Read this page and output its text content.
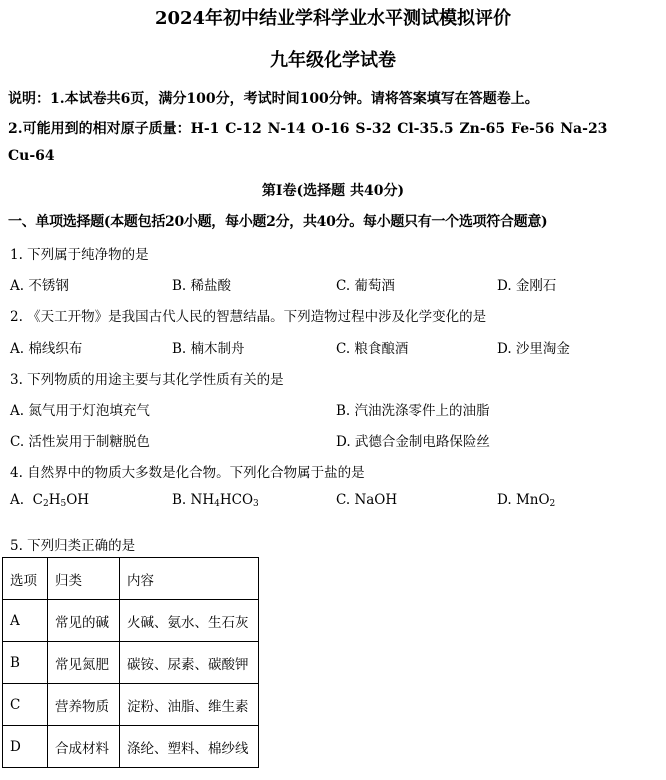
2024年初中结业学科学业水平测试模拟评价
九年级化学试卷
说明：1.本试卷共6页，满分100分，考试时间100分钟。请将答案填写在答题卷上。
2.可能用到的相对原子质量：H-1 C-12 N-14 O-16 S-32 Cl-35.5 Zn-65 Fe-56 Na-23
Cu-64
第Ⅰ卷(选择题 共40分)
一、单项选择题(本题包括20小题，每小题2分，共40分。每小题只有一个选项符合题意)
1. 下列属于纯净物的是
A. 不锈钢	B. 稀盐酸	C. 葡萄酒	D. 金刚石
2. 《天工开物》是我国古代人民的智慧结晶。下列造物过程中涉及化学变化的是
A. 棉线织布	B. 楠木制舟	C. 粮食酿酒	D. 沙里淘金
3. 下列物质的用途主要与其化学性质有关的是
A. 氮气用于灯泡填充气	B. 汽油洗涤零件上的油脂
C. 活性炭用于制糖脱色	D. 武德合金制电路保险丝
4. 自然界中的物质大多数是化合物。下列化合物属于盐的是
A. $C_2H_5OH$	B. $NH_4HCO_3$	C. NaOH	D. MnO$_2$
5. 下列归类正确的是
选项	归类	内容
A	常见的碱	火碱、氨水、生石灰
B	常见氮肥	碳铵、尿素、碳酸钾
C	营养物质	淀粉、油脂、维生素
D	合成材料	涤纶、塑料、棉纱线
